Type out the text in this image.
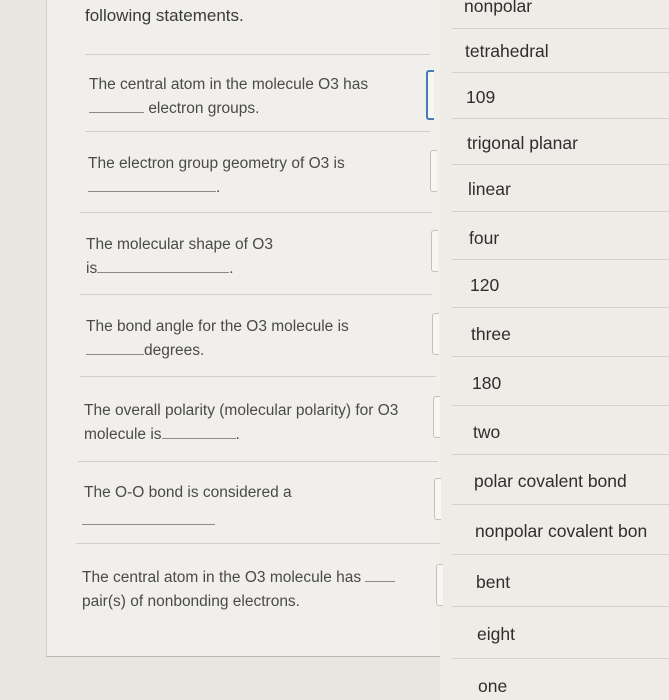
following statements.
The central atom in the molecule O3 has
electron groups.
The electron group geometry of O3 is
.
The molecular shape of O3
is	.
The bond angle for the O3 molecule is
degrees.
The overall polarity (molecular polarity) for O3
molecule is	.
The O-O bond is considered a
The central atom in the O3 molecule has
pair(s) of nonbonding electrons.
nonpolar
tetrahedral
109
trigonal planar
linear
four
120
three
180
two
polar covalent bond
nonpolar covalent bon
bent
eight
one
